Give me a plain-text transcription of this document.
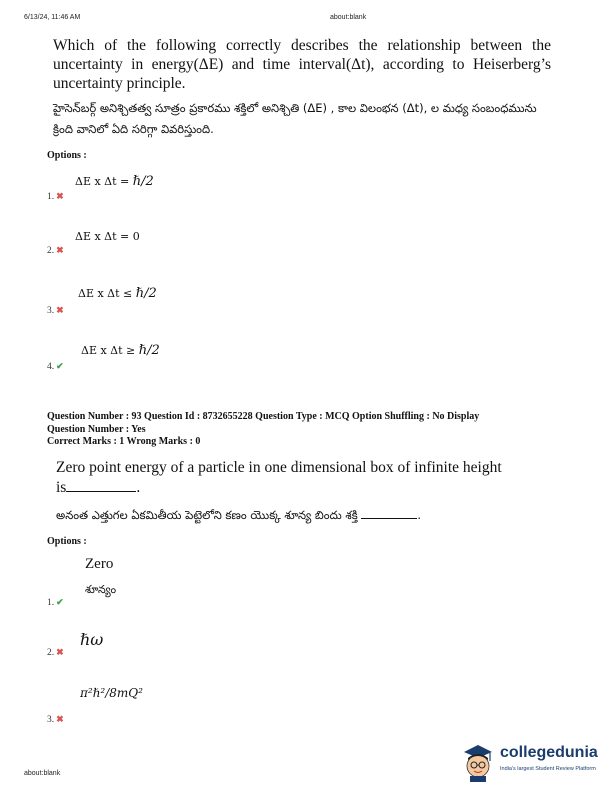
6/13/24, 11:46 AM	about:blank
Which of the following correctly describes the relationship between the uncertainty in energy(ΔE) and time interval(Δt), according to Heiserberg’s uncertainty principle.
హైసెన్‌బర్గ్ అనిశ్చితత్వ సూత్రం ప్రకారము శక్తిలో అనిశ్చితి (ΔE) , కాల విలంభన (Δt), ల మధ్య సంబంధమును క్రింది వానిలో ఏది సరిగ్గా వివరిస్తుంది.
Options :
ΔE x Δt = ℏ/2
1. ✖
ΔE x Δt = 0
2. ✖
ΔE x Δt ≤ ℏ/2
3. ✖
ΔE x Δt ≥ ℏ/2
4. ✔
Question Number : 93 Question Id : 8732655228 Question Type : MCQ Option Shuffling : No Display
Question Number : Yes
Correct Marks : 1 Wrong Marks : 0
Zero point energy of a particle in one dimensional box of infinite height
is	.
అనంత ఎత్తుగల ఏకమితీయ పెట్టెలోని కణం యొక్క శూన్య బిందు శక్తి	.
Options :
Zero
శూన్యం
1. ✔
ℏω
2. ✖
π²ℏ²/8mQ²
3. ✖
about:blank
collegedunia
India's largest Student Review Platform
